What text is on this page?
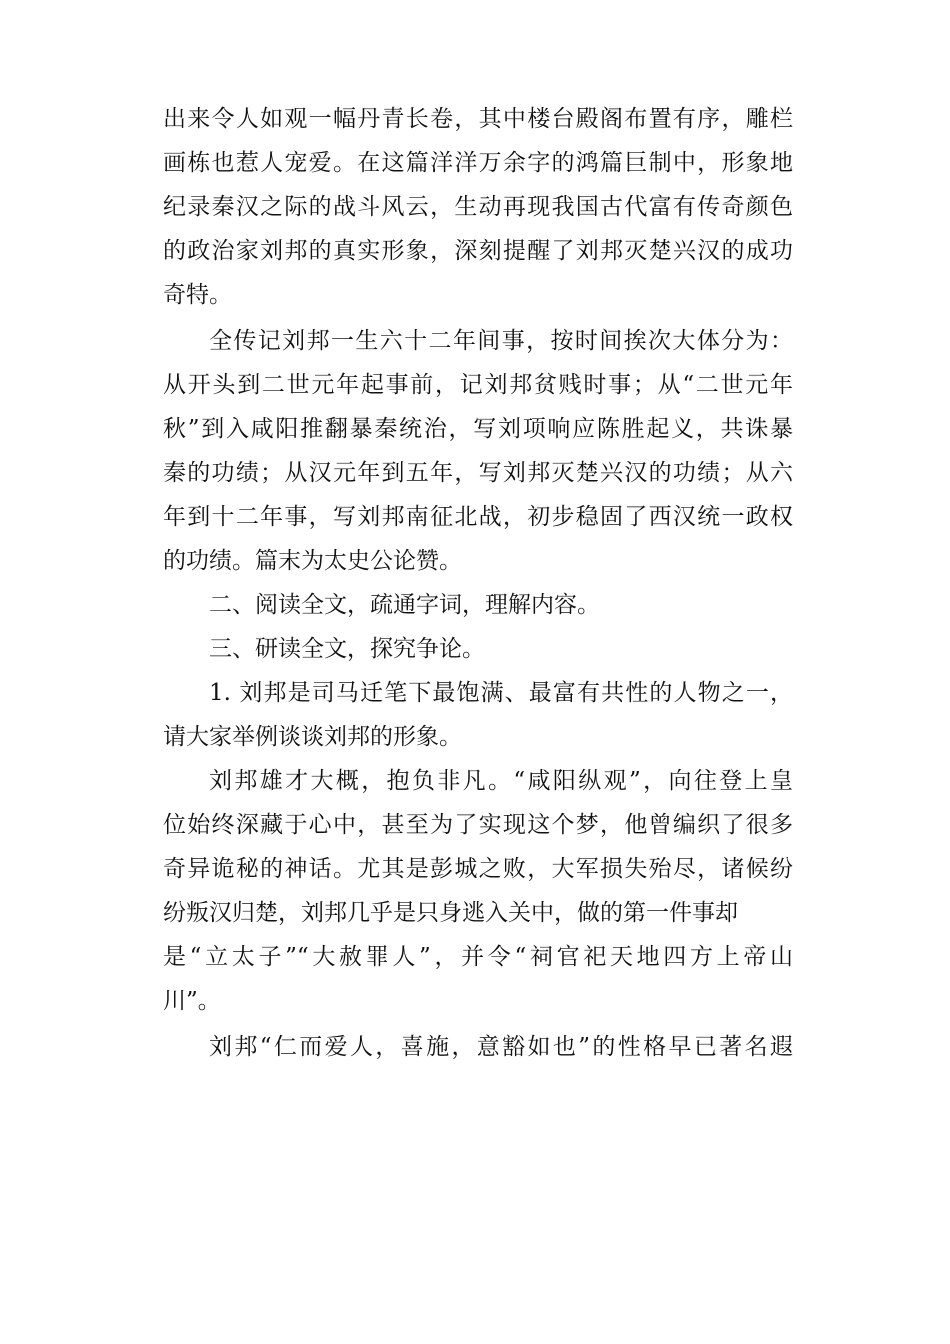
出来令人如观一幅丹青长卷，其中楼台殿阁布置有序，雕栏
画栋也惹人宠爱。在这篇洋洋万余字的鸿篇巨制中，形象地
纪录秦汉之际的战斗风云，生动再现我国古代富有传奇颜色
的政治家刘邦的真实形象，深刻提醒了刘邦灭楚兴汉的成功
奇特。
全传记刘邦一生六十二年间事，按时间挨次大体分为：
从开头到二世元年起事前，记刘邦贫贱时事；从“二世元年
秋”到入咸阳推翻暴秦统治，写刘项响应陈胜起义，共诛暴
秦的功绩；从汉元年到五年，写刘邦灭楚兴汉的功绩；从六
年到十二年事，写刘邦南征北战，初步稳固了西汉统一政权
的功绩。篇末为太史公论赞。
二、阅读全文，疏通字词，理解内容。
三、研读全文，探究争论。
1. 刘邦是司马迁笔下最饱满、最富有共性的人物之一，
请大家举例谈谈刘邦的形象。
刘邦雄才大概，抱负非凡。“咸阳纵观”，向往登上皇
位始终深藏于心中，甚至为了实现这个梦，他曾编织了很多
奇异诡秘的神话。尤其是彭城之败，大军损失殆尽，诸候纷
纷叛汉归楚，刘邦几乎是只身逃入关中，做的第一件事却
是“立太子”“大赦罪人”，并令“祠官祀天地四方上帝山
川”。
刘邦“仁而爱人，喜施，意豁如也”的性格早已著名遐
